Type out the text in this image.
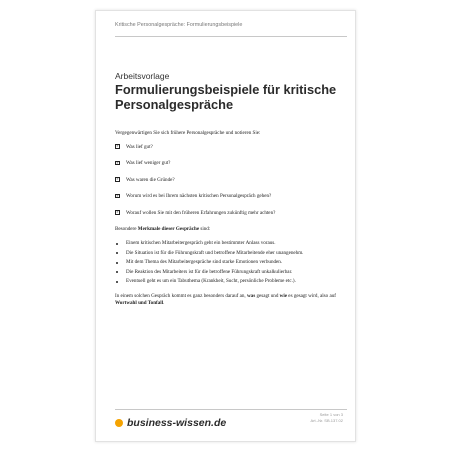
Kritische Personalgespräche: Formulierungsbeispiele
Arbeitsvorlage
Formulierungsbeispiele für kritische Personalgespräche

Vergegenwärtigen Sie sich frühere Personalgespräche und notieren Sie:

✓ Was lief gut?
✓ Was lief weniger gut?
✓ Was waren die Gründe?
✓ Worum wird es bei Ihrem nächsten kritischen Personalgespräch gehen?
✓ Worauf wollen Sie mit den früheren Erfahrungen zukünftig mehr achten?

Besondere Merkmale dieser Gespräche sind:

Einem kritischen Mitarbeitergespräch geht ein bestimmter Anlass voraus.
Die Situation ist für die Führungskraft und betroffene Mitarbeitende eher unangenehm.
Mit dem Thema des Mitarbeitergespräche sind starke Emotionen verbunden.
Die Reaktion des Mitarbeiters ist für die betroffene Führungskraft unkalkulierbar.
Eventuell geht es um ein Tabuthema (Krankheit, Sucht, persönliche Probleme etc.).

In einem solchen Gespräch kommt es ganz besonders darauf an, was gesagt und wie es gesagt wird, also auf Wortwahl und Tonfall.

business-wissen.de
Seite 1 von 3
Art.-Nr. SB.137.02
